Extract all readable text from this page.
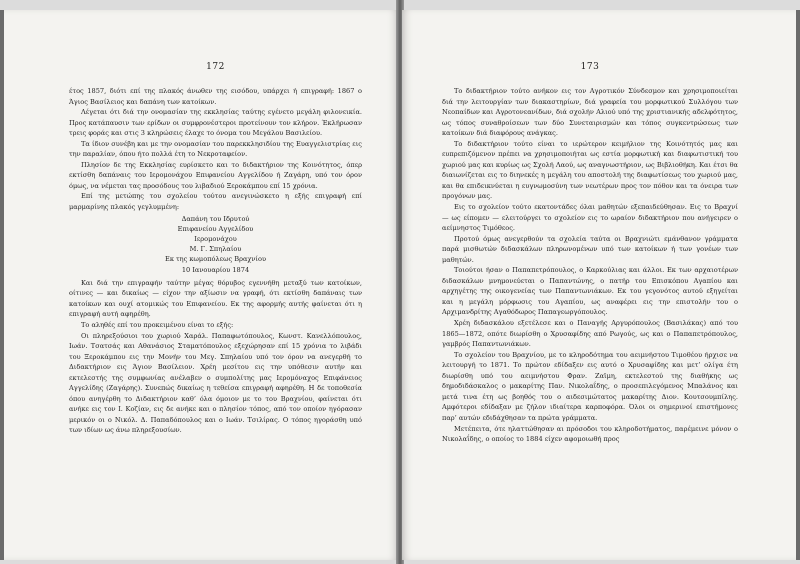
172

έτος 1857, διότι επί της πλακός άνωθεν της εισόδου, υπάρχει ή επιγραφή: 1867 ο Άγιος Βασίλειος και δαπάνη των κατοίκων.

Λέγεται ότι διά την ονομασίαν της εκκλησίας ταύτης εγένετο μεγάλη φιλονεικία. Προς κατάπαυσιν των ερίδων οι συμφρονέστεροι προτείνουν τον κλήρον. Έκλήρωσαν τρεις φοράς και στις 3 κληρώσεις έλαχε το όνομα του Μεγάλου Βασιλείου.

Τα ίδιον συνέβη και με την ονομασίαν του παρεκκλησιδίου της Ευαγγελιστρίας εις την παραλίαν, όπου ήτο πολλά έτη το Νεκροταφείον.

Πλησίον δε της Εκκλησίας ευρίσκετο και το διδακτήριον της Κοινότητος, όπερ εκτίσθη δαπάναις του Ιερομονάχου Επιφανείου Αγγελίδου ή Ζαγάρη, υπό τον όρον όμως, να νέμεται τας προσόδους του λιβαδιού Ξεροκάμπου επί 15 χρόνια.

Επί της μετώπης του σχολείου τούτου ανεγινώσκετο η εξής επιγραφή επί μαρμαρίνης πλακός γεγλυμμένη:

Δαπάνη του Ιδρυτού
Επιφανείου Αγγελίδου
Ιερομονάχου
Μ. Γ. Σπηλαίου
Εκ της κωμοπόλεως Βραχνίου
10 Ιανουαρίου 1874

Και διά την επιγραφήν ταύτην μέγας θόρυβος εγεννήθη μεταξύ των κατοίκων, οίτινες — και δικαίως — είχον την αξίωσιν να γραφή, ότι εκτίσθη δαπάναις των κατοίκων και ουχί ατομικώς του Επιφανείου. Εκ της αφορμής αυτής φαίνεται ότι η επιγραφή αυτή αφηρέθη.

Το αληθές επί του προκειμένου είναι το εξής:

Οι πληρεξούσιοι του χωριού Χαράλ. Παπαφωτόπουλος, Κωνστ. Κανελλόπουλος, Ιωάν. Τσατσάς και Αθανάσιος Σταματόπουλος εξεχώρησαν επί 15 χρόνια το λιβάδι του Ξεροκάμπου εις την Μονήν του Μεγ. Σπηλαίου υπό τον όρον να ανεγερθή το Διδακτήριον εις Άγιον Βασίλειον. Χρέη μεσίτου εις την υπόθεσιν αυτήν και εκτελεστής της συμφωνίας ανέλαβεν ο συμπολίτης μας Ιερομόναχος Επιφάνειος Αγγελίδης (Ζαγάρης). Συνεπώς δικαίως η τεθείσα επιγραφή αφηρέθη. Η δε τοποθεσία όπου ανηγέρθη το Διδακτήριον καθ’ όλα όμοιον με το του Βραχνίου, φαίνεται ότι ανήκε εις τον Ι. Κοζίαν, εις δε ανήκε και ο πλησίον τόπος, από τον οποίον ηγόρασαν μερικόν οι ο Νικόλ. Δ. Παπαδόπουλος και ο Ιωάν. Τσιλίρας. Ο τόπος ηγοράσθη υπό των ιδίων ως άνω πληρεξουσίων.

173

Το διδακτήριον τούτο ανήκον εις τον Αγροτικόν Σύνδεσμον και χρησιμοποιείται διά την λειτουργίαν των διακαστηρίων, διά γραφεία του μορφωτικού Συλλόγου των Νεοπαίδων και Αγροτονεανίδων, διά σχολήν Αλιού υπό της χριστιανικής αδελφότητος, ως τόπος συναθροίσεων των δύο Συνεταιρισμών και τόπος συγκεντρώσεως των κατοίκων διά διαφόρους ανάγκας.

Το διδακτήριον τούτο είναι το ιερώτερον κειμήλιον της Κοινότητός μας και ευπρεπιζόμενον πρέπει να χρησιμοποιήται ως εστία μορφωτική και διαφωτιστική του χωριού μας και κυρίως ως Σχολή Λαού, ως αναγνωστήριον, ως Βιβλιοθήκη. Και έτσι θα διαιωνίζεται εις το διηνεκές η μεγάλη του αποστολή της διαφωτίσεως του χωριού μας, και θα επιδεικνύεται η ευγνωμοσύνη των νεωτέρων προς τον πόθον και τα όνειρα των προγόνων μας.

Εις το σχολείον τούτο εκατοντάδες όλαι μαθητών εξεπαιδεύθησαν. Εις το Βραχνί — ως είπομεν — ελειτούργει το σχολείον εις το ωραίον διδακτήριον που ανήγειρεν ο αείμνηστος Τιμόθεος.

Προτού όμως ανεγερθούν τα σχολεία ταύτα οι Βραχνιώτι εμάνθανον γράμματα παρά μισθωτών διδασκάλων πληρωνομένων υπό των κατοίκων ή των γονέων των μαθητών.

Τοιούτοι ήσαν ο Παπαπετρόπουλος, ο Καρκούλιας και άλλοι. Εκ των αρχαιοτέρων διδασκάλων μνημονεύεται ο Παπαντώνης, ο πατήρ του Επισκόπου Αγαπίου και αρχηγέτης της οικογενείας των Παπαντωνιάκων. Εκ του γεγονότος αυτού εξηγείται και η μεγάλη μόρφωσις του Αγαπίου, ως αναφέρει εις την επιστολήν του ο Αρχιμανδρίτης Αγαθόδωρος Παπαγεωργόπουλος.

Χρέη διδασκάλου εξετέλεσε και ο Παναγής Αργυρόπουλος (Βασιλάκας) από του 1865—1872, οπότε διωρίσθη ο Χρυσαφίδης από Ρωγούς, ως και ο Παπαπετρόπουλος, γαμβρός Παπαντωνιάκων.

Το σχολείον του Βραχνίου, με το κληροδότημα του αειμνήστου Τιμοθέου ήρχισε να λειτουργή το 1871. Το πρώτον εδίδαξεν εις αυτό ο Χρυσαφίδης και μετ’ ολίγα έτη διωρίσθη υπό του αειμνήστου Φραν. Ζαϊμη, εκτελεστού της διαθήκης ως δημοδιδάσκαλος ο μακαρίτης Παν. Νικολαΐδης, ο προσεπιλεγόμενος Μπαλάνος και μετά τινα έτη ως βοηθός του ο αιδεσιμώτατος μακαρίτης Διον. Κουτσουμπίλης. Αμφότεροι εδίδαξαν με ζήλον ιδιαίτερα καρποφόρα. Όλοι οι σημερινοί επιστήμονες παρ’ αυτών εδιδάχθησαν τα πρώτα γράμματα.

Μετέπειτα, ότε ηλαττώθησαν αι πρόσοδοι του κληροδοτήματος, παρέμεινε μόνον ο Νικολαΐδης, ο οποίος το 1884 είχεν αφομοιωθή προς
